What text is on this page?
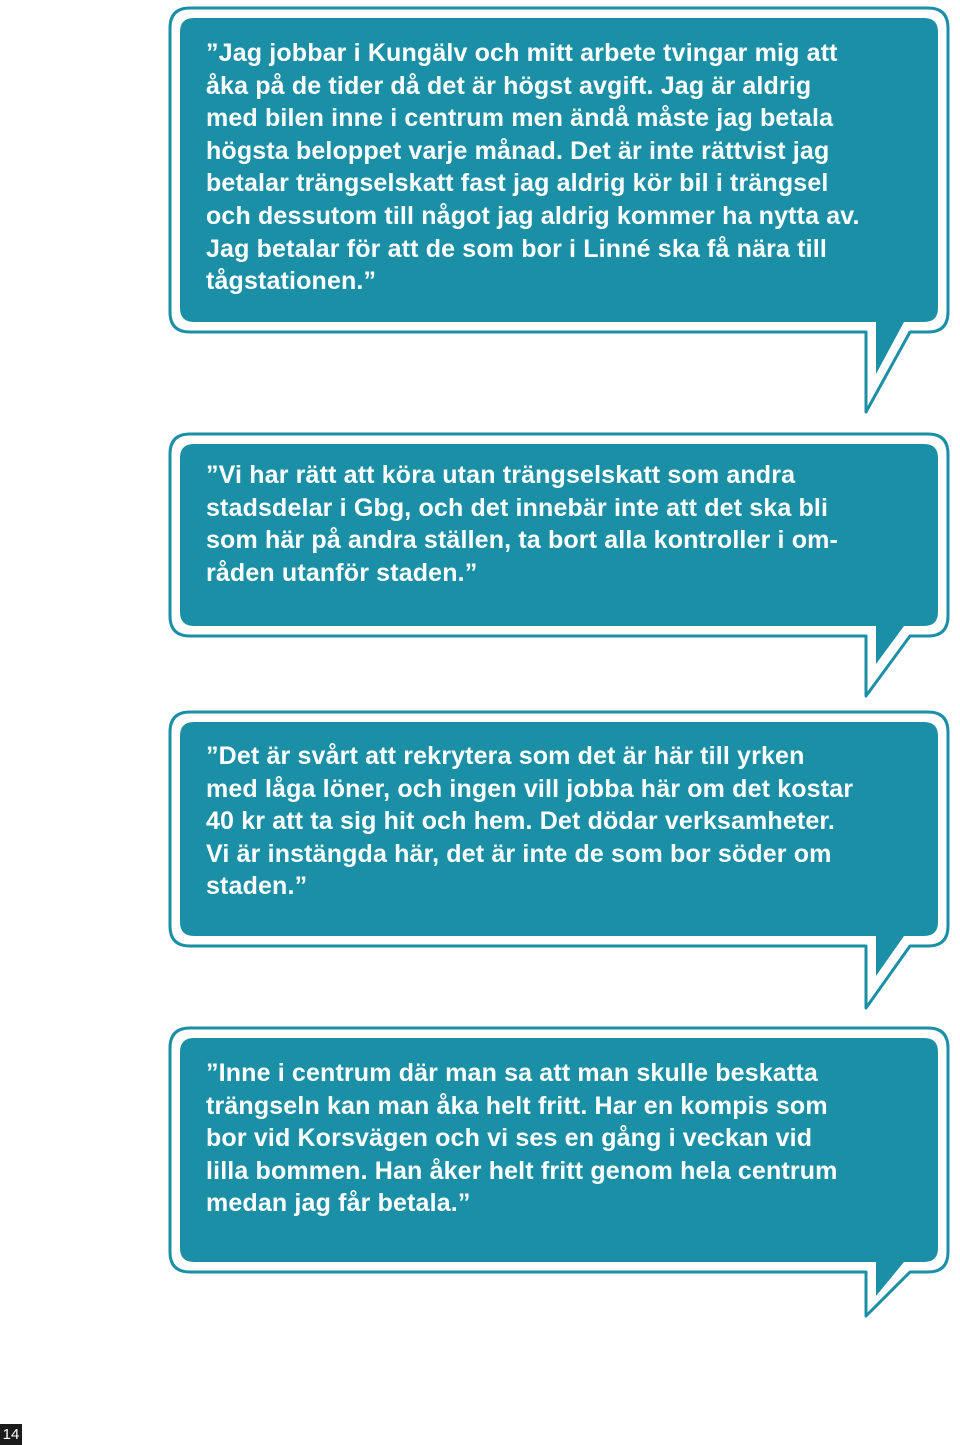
”Jag jobbar i Kungälv och mitt arbete tvingar mig att
åka på de tider då det är högst avgift. Jag är aldrig
med bilen inne i centrum men ändå måste jag betala
högsta beloppet varje månad. Det är inte rättvist jag
betalar trängselskatt fast jag aldrig kör bil i trängsel
och dessutom till något jag aldrig kommer ha nytta av.
Jag betalar för att de som bor i Linné ska få nära till
tågstationen.”

”Vi har rätt att köra utan trängselskatt som andra
stadsdelar i Gbg, och det innebär inte att det ska bli
som här på andra ställen, ta bort alla kontroller i om-
råden utanför staden.”

”Det är svårt att rekrytera som det är här till yrken
med låga löner, och ingen vill jobba här om det kostar
40 kr att ta sig hit och hem. Det dödar verksamheter.
Vi är instängda här, det är inte de som bor söder om
staden.”

”Inne i centrum där man sa att man skulle beskatta
trängseln kan man åka helt fritt. Har en kompis som
bor vid Korsvägen och vi ses en gång i veckan vid
lilla bommen. Han åker helt fritt genom hela centrum
medan jag får betala.”

14
